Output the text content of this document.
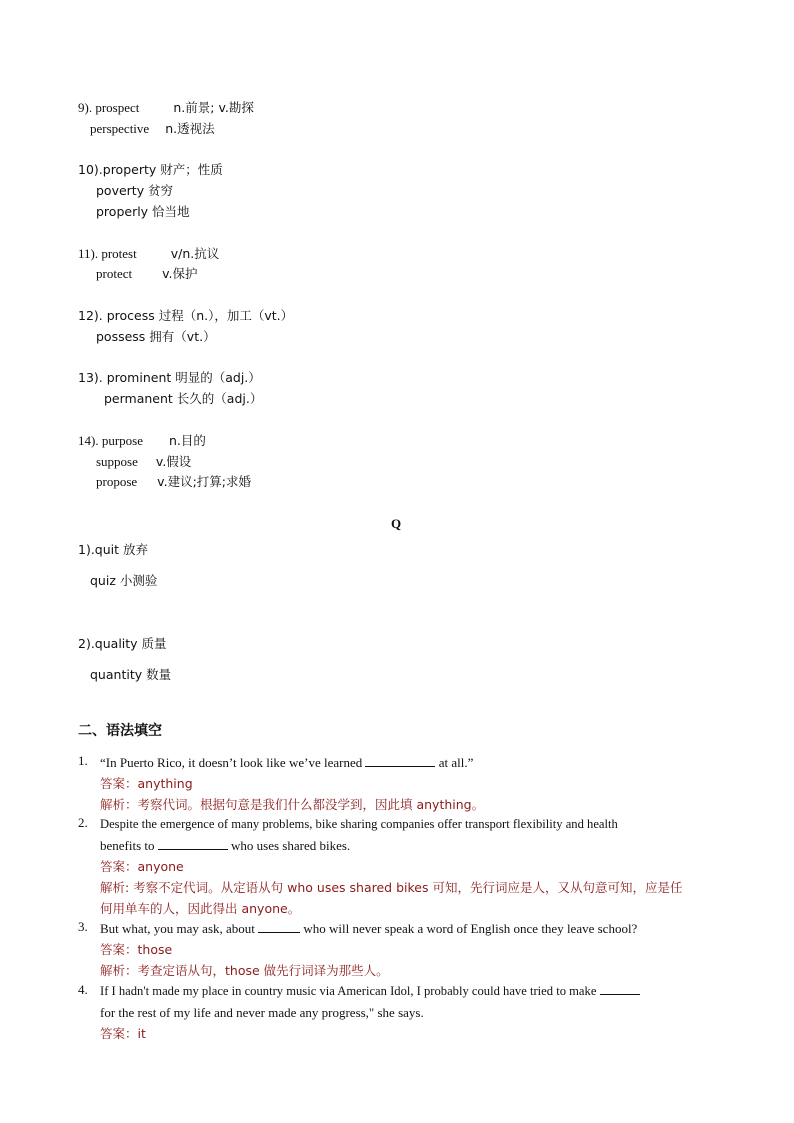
9). prospect	n.前景; v.勘探
perspective n.透视法
10).property 财产；性质
poverty 贫穷
properly 恰当地
11). protest	v/n.抗议
protect v.保护
12). process 过程（n.），加工（vt.）
possess 拥有（vt.）
13). prominent 明显的（adj.）
permanent 长久的（adj.）
14). purpose n.目的
suppose v.假设
propose v.建议;打算;求婚
Q
1).quit 放弃
quiz 小测验
2).quality 质量
quantity 数量
二、语法填空
1. “In Puerto Rico, it doesn’t look like we’ve learned	at all.”
答案：anything
解析：考察代词。根据句意是我们什么都没学到，因此填 anything。
2. Despite the emergence of many problems, bike sharing companies offer transport flexibility and health
benefits to	who uses shared bikes.
答案：anyone
解析: 考察不定代词。从定语从句 who uses shared bikes 可知，先行词应是人，又从句意可知，应是任
何用单车的人，因此得出 anyone。
3. But what, you may ask, about	who will never speak a word of English once they leave school?
答案：those
解析：考查定语从句，those 做先行词译为那些人。
4. If I hadn't made my place in country music via American Idol, I probably could have tried to make
for the rest of my life and never made any progress," she says.
答案：it
